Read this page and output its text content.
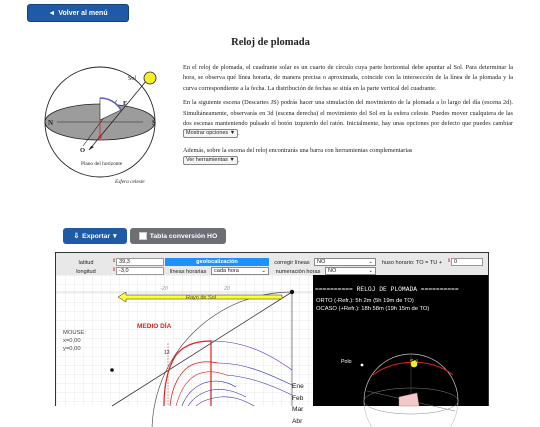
◄ Volver al menú
Sol
N	S
E
O
Plano del horizonte
Esfera celeste
Reloj de plomada

En el reloj de plomada, el cuadrante solar es un cuarto de círculo cuya parte horizontal debe apuntar al Sol. Para determinar la hora, se observa qué línea horaria, de manera precisa o aproximada, coincide con la intersección de la línea de la plomada y la curva correspondiente a la fecha. La distribución de fechas se sitúa en la parte vertical del cuadrante.

En la siguiente escena (Descartes JS) podrás hacer una simulación del movimiento de la plomada a lo largo del día (escena 2d). Simultáneamente, observarás en 3d (escena derecha) el movimiento del Sol en la esfera celeste. Puedes mover cualquiera de las dos escenas manteniendo pulsado el botón izquierdo del ratón. Inicialmente, hay unas opciones por defecto que puedes cambiar Mostrar opciones ▼ .

Además, sobre la escena del reloj encontrarás una barra con herramientas complementarias
Ver herramientas ▼ .

⇩ Exportar ▾	Tabla conversión HO
latitud	⇕ 39,3
longitud	⇕ -3,0
geolocalización
líneas horarias	cada hora	⌄
corregir líneas	NO	⌄
numeración horas	NO	⌄
huso horario: TO = TU + ⇕ 0
-20	20
Rayo de Sol
MEDIO DÍA
13
MOUSE:
x=0,00
y=0,00
Ene
Feb
Mar
Abr
========== RELOJ DE PLOMADA ==========
ORTO (-Refr.): 5h 2m (5h 19m de TO)
OCASO (+Refr.): 18h 58m (19h 15m de TO)
Polo	Sol
